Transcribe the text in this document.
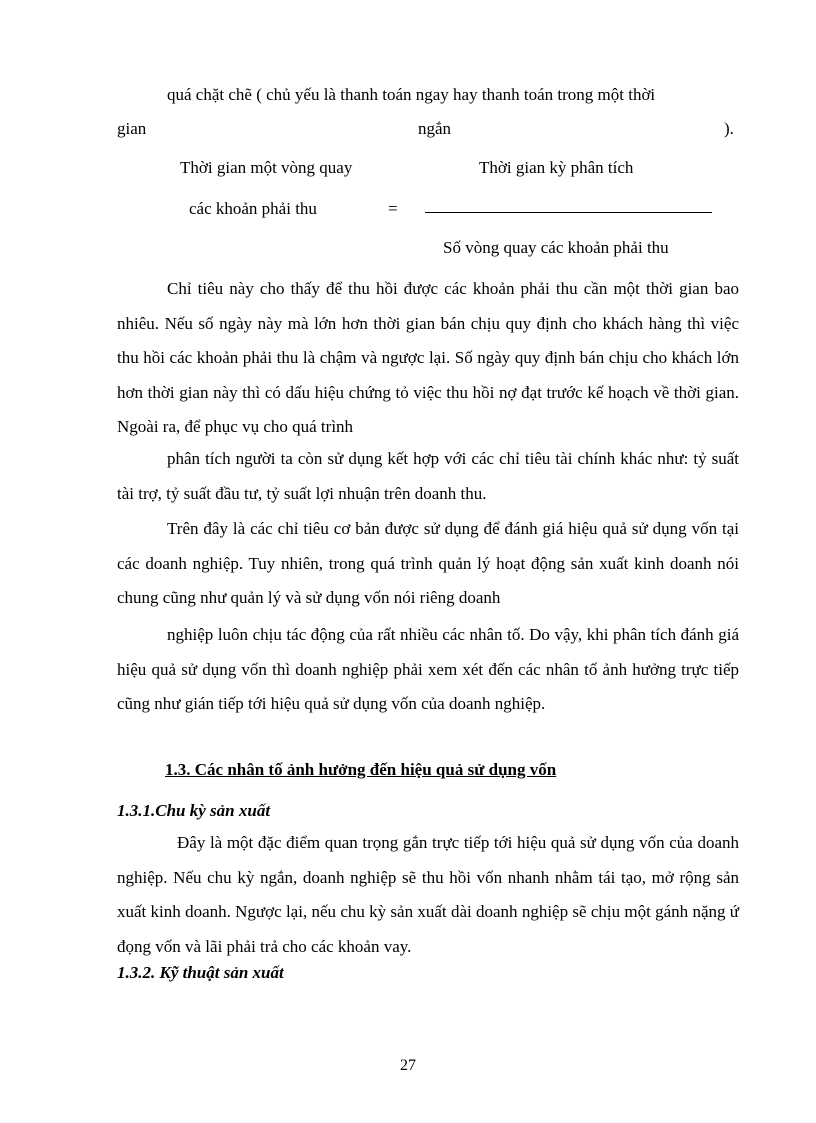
quá chặt chẽ ( chủ yếu là thanh toán ngay hay thanh toán trong một thời
gian	ngắn	).
Thời gian một vòng quay
các khoản phải thu	=
Thời gian kỳ phân tích
Số vòng quay các khoản phải thu

Chỉ tiêu này cho thấy để thu hồi được các khoản phải thu cần một thời gian bao nhiêu. Nếu số ngày này mà lớn hơn thời gian bán chịu quy định cho khách hàng thì việc thu hồi các khoản phải thu là chậm và ngược lại. Số ngày quy định bán chịu cho khách lớn hơn thời gian này thì có dấu hiệu chứng tỏ việc thu hồi nợ đạt trước kế hoạch về thời gian. Ngoài ra, để phục vụ cho quá trình

phân tích người ta còn sử dụng kết hợp với các chỉ tiêu tài chính khác như: tỷ suất tài trợ, tỷ suất đầu tư, tỷ suất lợi nhuận trên doanh thu.

Trên đây là các chỉ tiêu cơ bản được sử dụng để đánh giá hiệu quả sử dụng vốn tại các doanh nghiệp. Tuy nhiên, trong quá trình quản lý hoạt động sản xuất kinh doanh nói chung cũng như quản lý và sử dụng vốn nói riêng doanh

nghiệp luôn chịu tác động của rất nhiều các nhân tố. Do vậy, khi phân tích đánh giá hiệu quả sử dụng vốn thì doanh nghiệp phải xem xét đến các nhân tố ảnh hưởng trực tiếp cũng như gián tiếp tới hiệu quả sử dụng vốn của doanh nghiệp.

1.3. Các nhân tố ảnh hưởng đến hiệu quả sử dụng vốn
1.3.1.Chu kỳ sản xuất

Đây là một đặc điểm quan trọng gắn trực tiếp tới hiệu quả sử dụng vốn của doanh nghiệp. Nếu chu kỳ ngắn, doanh nghiệp sẽ thu hồi vốn nhanh nhằm tái tạo, mở rộng sản xuất kinh doanh. Ngược lại, nếu chu kỳ sản xuất dài doanh nghiệp sẽ chịu một gánh nặng ứ đọng vốn và lãi phải trả cho các khoản vay.

1.3.2. Kỹ thuật sản xuất
27
